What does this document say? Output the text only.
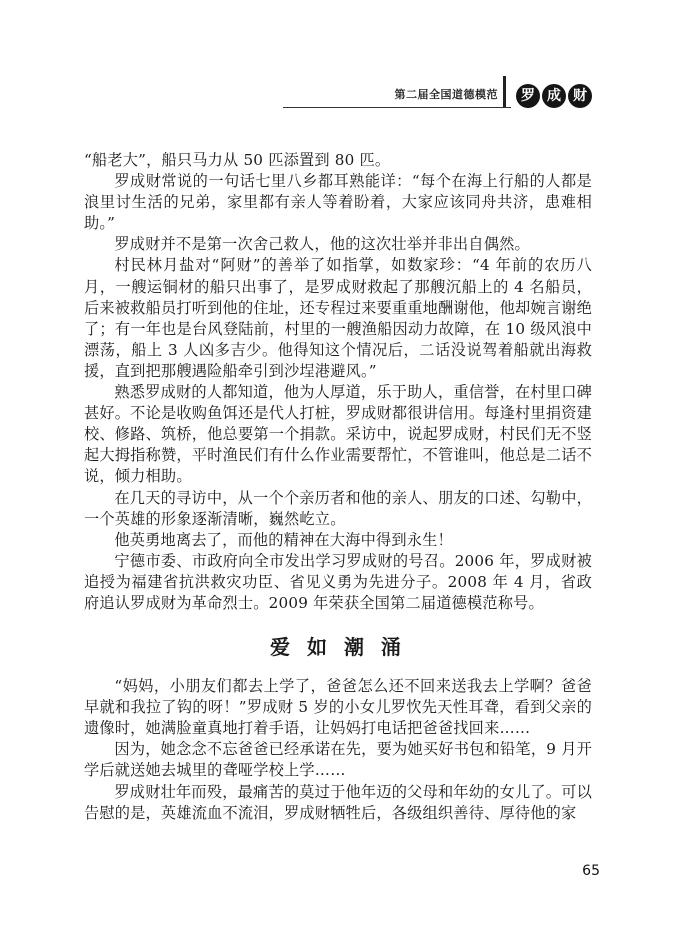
第二届全国道德模范	罗 成 财

“船老大”，船只马力从 50 匹添置到 80 匹。

罗成财常说的一句话七里八乡都耳熟能详：“每个在海上行船的人都是浪里讨生活的兄弟，家里都有亲人等着盼着，大家应该同舟共济，患难相助。”

罗成财并不是第一次舍己救人，他的这次壮举并非出自偶然。

村民林月盐对“阿财”的善举了如指掌，如数家珍：“4 年前的农历八月，一艘运铜材的船只出事了，是罗成财救起了那艘沉船上的 4 名船员，后来被救船员打听到他的住址，还专程过来要重重地酬谢他，他却婉言谢绝了；有一年也是台风登陆前，村里的一艘渔船因动力故障，在 10 级风浪中漂荡，船上 3 人凶多吉少。他得知这个情况后，二话没说驾着船就出海救援，直到把那艘遇险船牵引到沙埕港避风。”

熟悉罗成财的人都知道，他为人厚道，乐于助人，重信誉，在村里口碑甚好。不论是收购鱼饵还是代人打桩，罗成财都很讲信用。每逢村里捐资建校、修路、筑桥，他总要第一个捐款。采访中，说起罗成财，村民们无不竖起大拇指称赞，平时渔民们有什么作业需要帮忙，不管谁叫，他总是二话不说，倾力相助。

在几天的寻访中，从一个个亲历者和他的亲人、朋友的口述、勾勒中，一个英雄的形象逐渐清晰，巍然屹立。

他英勇地离去了，而他的精神在大海中得到永生！

宁德市委、市政府向全市发出学习罗成财的号召。2006 年，罗成财被追授为福建省抗洪救灾功臣、省见义勇为先进分子。2008 年 4 月，省政府追认罗成财为革命烈士。2009 年荣获全国第二届道德模范称号。

爱 如 潮 涌

“妈妈，小朋友们都去上学了，爸爸怎么还不回来送我去上学啊？爸爸早就和我拉了钩的呀！”罗成财 5 岁的小女儿罗忺先天性耳聋，看到父亲的遗像时，她满脸童真地打着手语，让妈妈打电话把爸爸找回来……

因为，她念念不忘爸爸已经承诺在先，要为她买好书包和铅笔，9 月开学后就送她去城里的聋哑学校上学……

罗成财壮年而殁，最痛苦的莫过于他年迈的父母和年幼的女儿了。可以告慰的是，英雄流血不流泪，罗成财牺牲后，各级组织善待、厚待他的家

65
